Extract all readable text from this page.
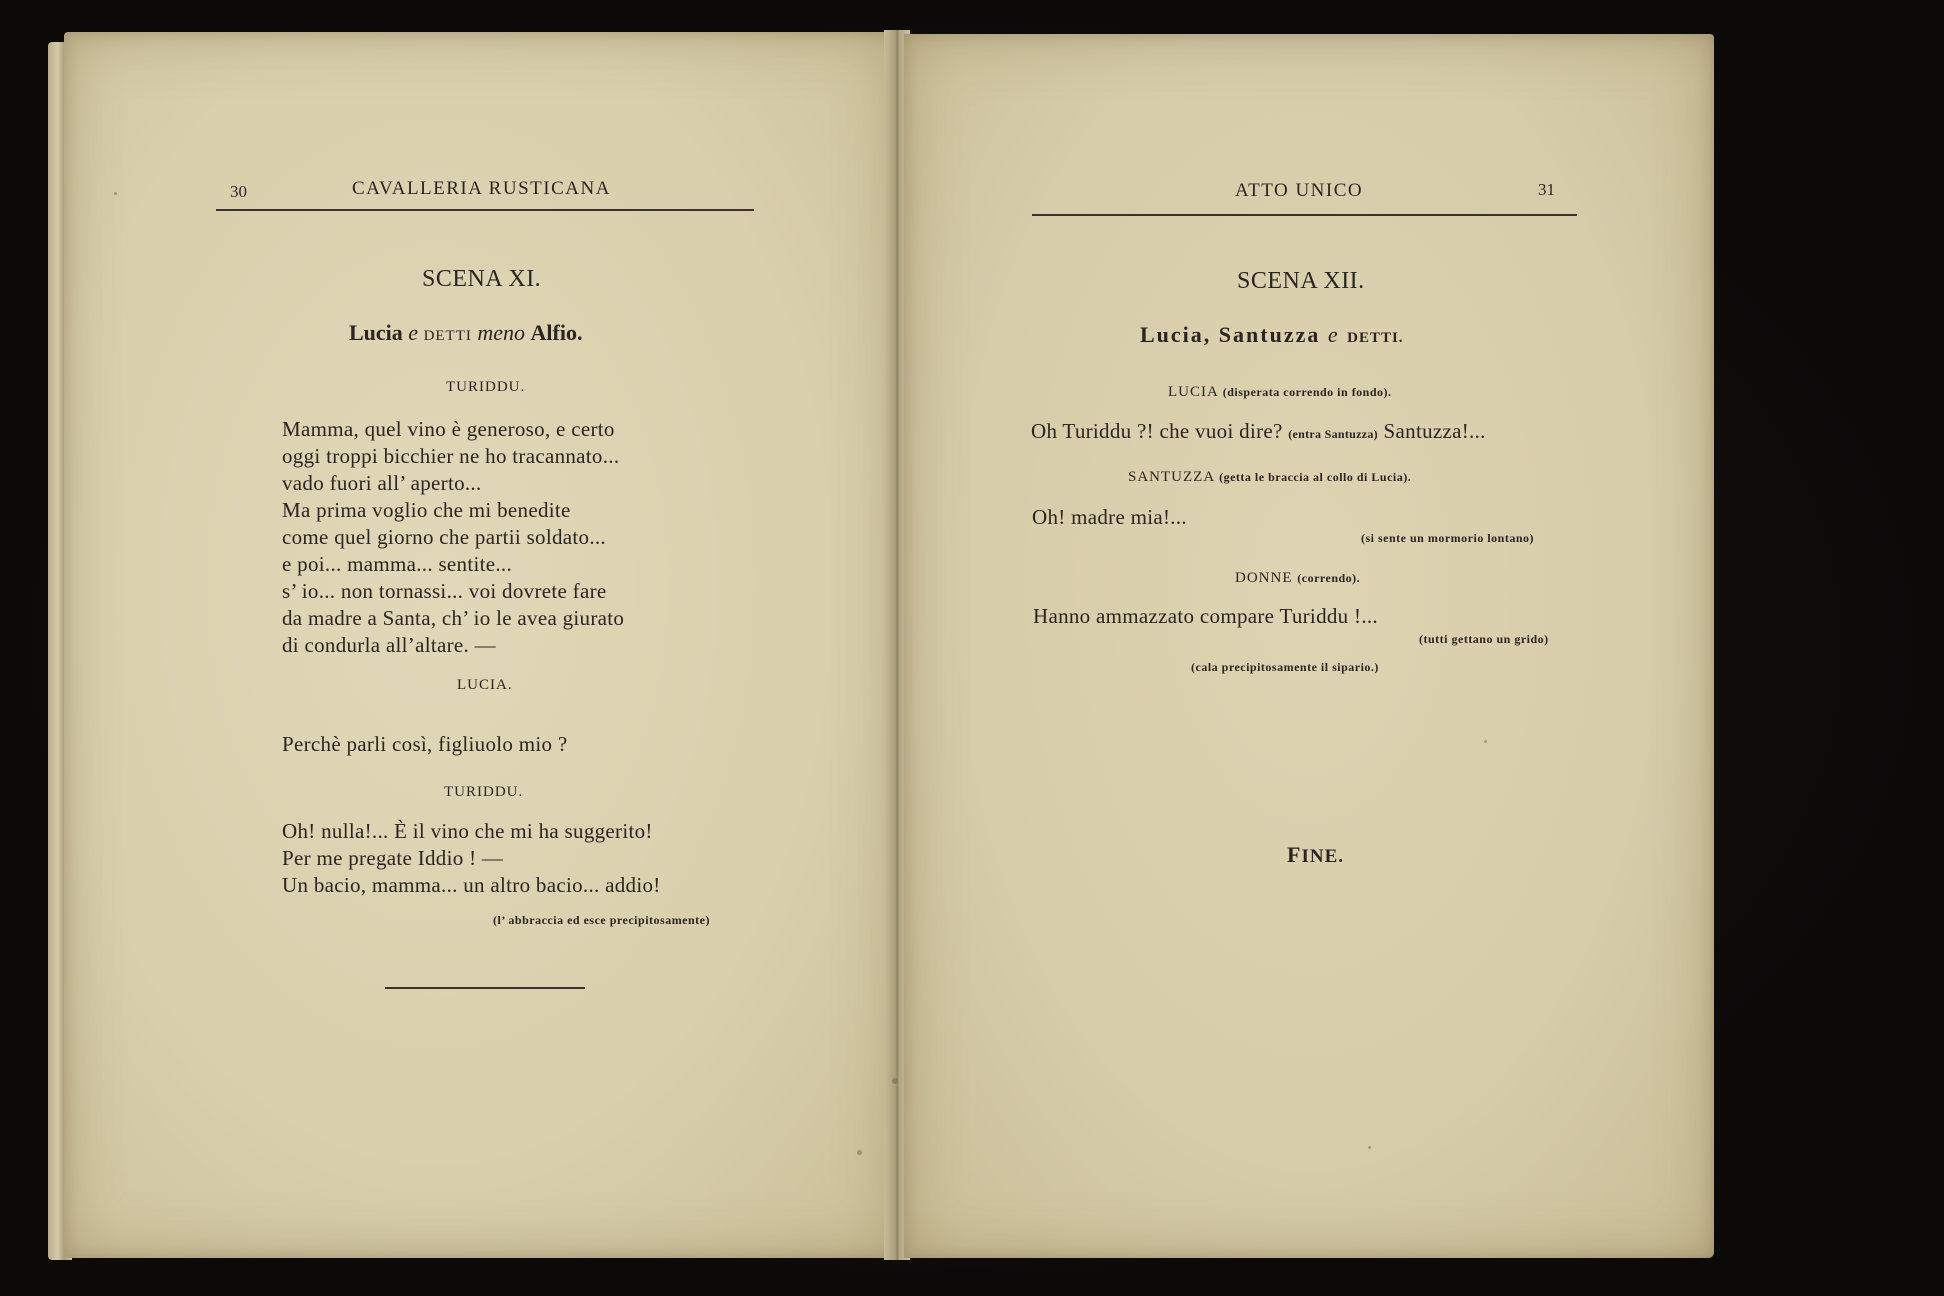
30	CAVALLERIA RUSTICANA
SCENA XI.
Lucia e DETTI meno Alfio.
TURIDDU.
Mamma, quel vino è generoso, e certo
oggi troppi bicchier ne ho tracannato...
vado fuori all’ aperto...
Ma prima voglio che mi benedite
come quel giorno che partii soldato...
e poi... mamma... sentite...
s’ io... non tornassi... voi dovrete fare
da madre a Santa, ch’ io le avea giurato
di condurla all’altare. —
LUCIA.
Perchè parli così, figliuolo mio ?
TURIDDU.
Oh! nulla!... È il vino che mi ha suggerito!
Per me pregate Iddio ! —
Un bacio, mamma... un altro bacio... addio!
(l’ abbraccia ed esce precipitosamente)
ATTO UNICO	31
SCENA XII.
Lucia, Santuzza e DETTI.
LUCIA (disperata correndo in fondo).
Oh Turiddu ?! che vuoi dire? (entra Santuzza) Santuzza!...
SANTUZZA (getta le braccia al collo di Lucia).
Oh! madre mia!...
(si sente un mormorio lontano)
DONNE (correndo).
Hanno ammazzato compare Turiddu !...
(tutti gettano un grido)
(cala precipitosamente il sipario.)
FINE.
